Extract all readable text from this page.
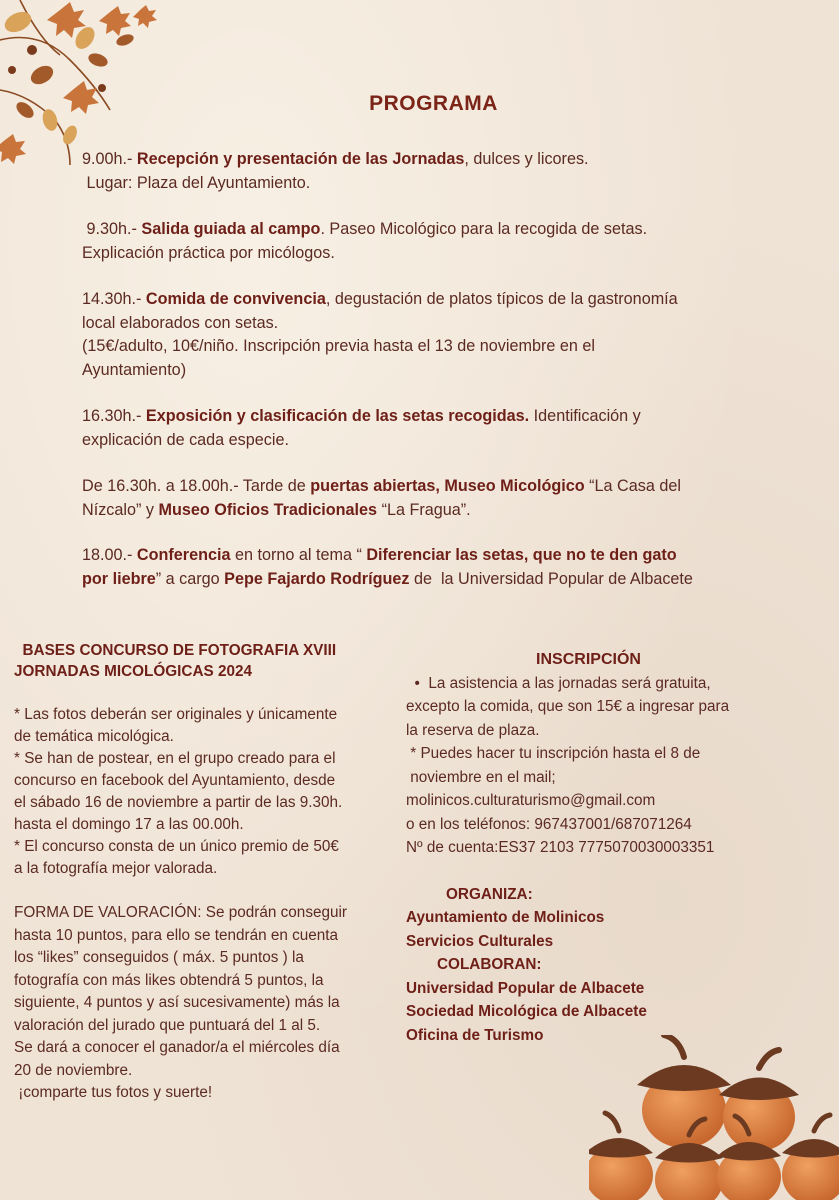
PROGRAMA

9.00h.- Recepción y presentación de las Jornadas, dulces y licores.

Lugar: Plaza del Ayuntamiento.

9.30h.- Salida guiada al campo. Paseo Micológico para la recogida de setas.

Explicación práctica por micólogos.

14.30h.- Comida de convivencia, degustación de platos típicos de la gastronomía

local elaborados con setas.

(15€/adulto, 10€/niño. Inscripción previa hasta el 13 de noviembre en el

Ayuntamiento)

16.30h.- Exposición y clasificación de las setas recogidas. Identificación y

explicación de cada especie.

De 16.30h. a 18.00h.- Tarde de puertas abiertas, Museo Micológico “La Casa del

Nízcalo” y Museo Oficios Tradicionales “La Fragua”.

18.00.- Conferencia en torno al tema “ Diferenciar las setas, que no te den gato

por liebre” a cargo Pepe Fajardo Rodríguez de  la Universidad Popular de Albacete

BASES CONCURSO DE FOTOGRAFIA XVIII

JORNADAS MICOLÓGICAS 2024

* Las fotos deberán ser originales y únicamente

de temática micológica.

* Se han de postear, en el grupo creado para el

concurso en facebook del Ayuntamiento, desde

el sábado 16 de noviembre a partir de las 9.30h.

hasta el domingo 17 a las 00.00h.

* El concurso consta de un único premio de 50€

a la fotografía mejor valorada.

FORMA DE VALORACIÓN: Se podrán conseguir

hasta 10 puntos, para ello se tendrán en cuenta

los “likes” conseguidos ( máx. 5 puntos ) la

fotografía con más likes obtendrá 5 puntos, la

siguiente, 4 puntos y así sucesivamente) más la

valoración del jurado que puntuará del 1 al 5.

Se dará a conocer el ganador/a el miércoles día

20 de noviembre.

¡comparte tus fotos y suerte!

INSCRIPCIÓN

•  La asistencia a las jornadas será gratuita,

excepto la comida, que son 15€ a ingresar para

la reserva de plaza.

* Puedes hacer tu inscripción hasta el 8 de

noviembre en el mail;

molinicos.culturaturismo@gmail.com

o en los teléfonos: 967437001/687071264

Nº de cuenta:ES37 2103 7775070030003351

ORGANIZA:

Ayuntamiento de Molinicos

Servicios Culturales

COLABORAN:

Universidad Popular de Albacete

Sociedad Micológica de Albacete

Oficina de Turismo
